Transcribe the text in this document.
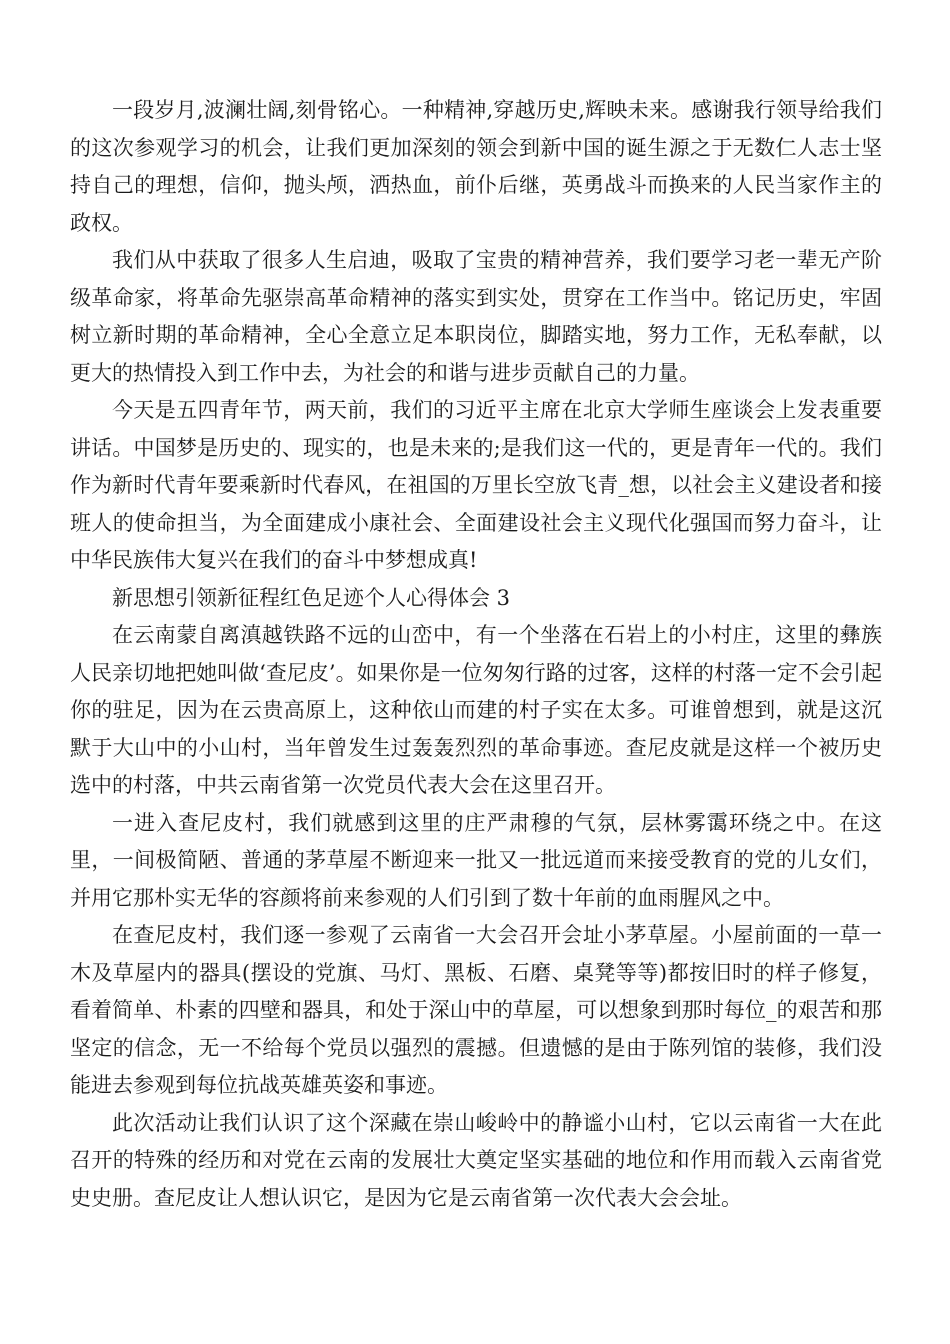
一段岁月,波澜壮阔,刻骨铭心。一种精神,穿越历史,辉映未来。感谢我行领导给我们的这次参观学习的机会，让我们更加深刻的领会到新中国的诞生源之于无数仁人志士坚持自己的理想，信仰，抛头颅，洒热血，前仆后继，英勇战斗而换来的人民当家作主的政权。

我们从中获取了很多人生启迪，吸取了宝贵的精神营养，我们要学习老一辈无产阶级革命家，将革命先驱崇高革命精神的落实到实处，贯穿在工作当中。铭记历史，牢固树立新时期的革命精神，全心全意立足本职岗位，脚踏实地，努力工作，无私奉献，以更大的热情投入到工作中去，为社会的和谐与进步贡献自己的力量。

今天是五四青年节，两天前，我们的习近平主席在北京大学师生座谈会上发表重要讲话。中国梦是历史的、现实的，也是未来的;是我们这一代的，更是青年一代的。我们作为新时代青年要乘新时代春风，在祖国的万里长空放飞青_想，以社会主义建设者和接班人的使命担当，为全面建成小康社会、全面建设社会主义现代化强国而努力奋斗，让中华民族伟大复兴在我们的奋斗中梦想成真!

新思想引领新征程红色足迹个人心得体会 3

在云南蒙自离滇越铁路不远的山峦中，有一个坐落在石岩上的小村庄，这里的彝族人民亲切地把她叫做‘查尼皮’。如果你是一位匆匆行路的过客，这样的村落一定不会引起你的驻足，因为在云贵高原上，这种依山而建的村子实在太多。可谁曾想到，就是这沉默于大山中的小山村，当年曾发生过轰轰烈烈的革命事迹。查尼皮就是这样一个被历史选中的村落，中共云南省第一次党员代表大会在这里召开。

一进入查尼皮村，我们就感到这里的庄严肃穆的气氛，层林雾霭环绕之中。在这里，一间极简陋、普通的茅草屋不断迎来一批又一批远道而来接受教育的党的儿女们，并用它那朴实无华的容颜将前来参观的人们引到了数十年前的血雨腥风之中。

在查尼皮村，我们逐一参观了云南省一大会召开会址小茅草屋。小屋前面的一草一木及草屋内的器具(摆设的党旗、马灯、黑板、石磨、桌凳等等)都按旧时的样子修复，看着简单、朴素的四壁和器具，和处于深山中的草屋，可以想象到那时每位_的艰苦和那坚定的信念，无一不给每个党员以强烈的震撼。但遗憾的是由于陈列馆的装修，我们没能进去参观到每位抗战英雄英姿和事迹。

此次活动让我们认识了这个深藏在崇山峻岭中的静谧小山村，它以云南省一大在此召开的特殊的经历和对党在云南的发展壮大奠定坚实基础的地位和作用而载入云南省党史史册。查尼皮让人想认识它，是因为它是云南省第一次代表大会会址。
